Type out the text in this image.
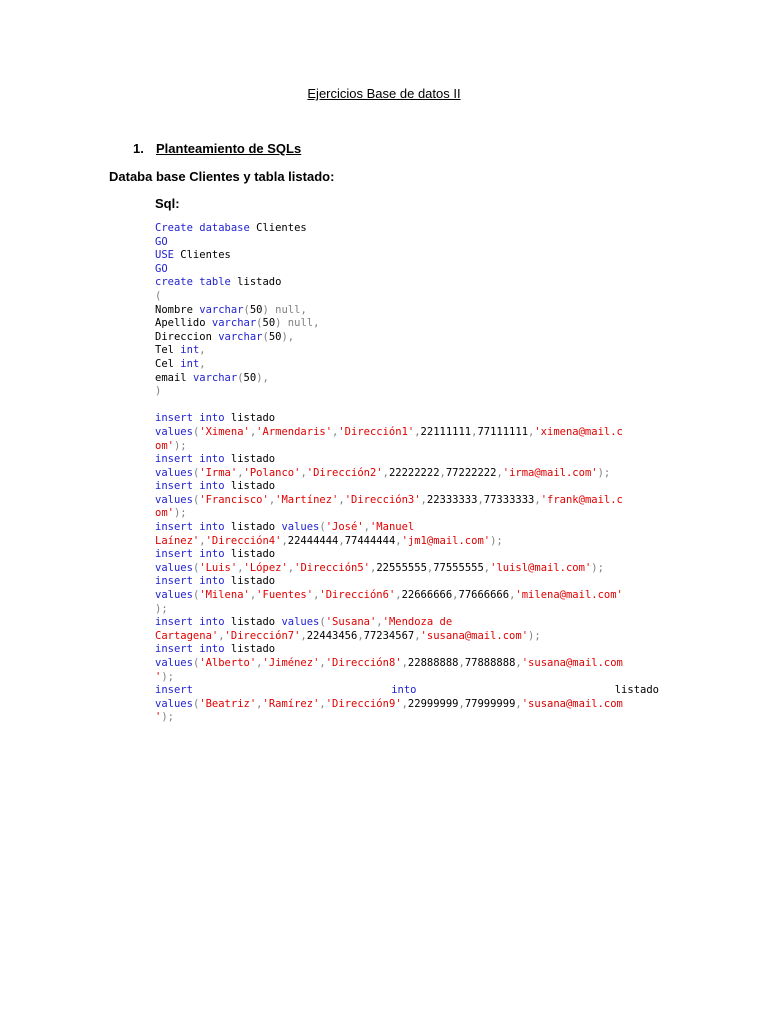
Ejercicios Base de datos II
1. Planteamiento de SQLs
Databa base Clientes y tabla listado:
Sql:
Create database Clientes
GO
USE Clientes
GO
create table listado
(
Nombre varchar(50) null,
Apellido varchar(50) null,
Direccion varchar(50),
Tel int,
Cel int,
email varchar(50),
)
insert into listado
values('Ximena','Armendaris','Dirección1',22111111,77111111,'ximena@mail.c
om');
insert into listado
values('Irma','Polanco','Dirección2',22222222,77222222,'irma@mail.com');
insert into listado
values('Francisco','Martínez','Dirección3',22333333,77333333,'frank@mail.c
om');
insert into listado values('José','Manuel
Laínez','Dirección4',22444444,77444444,'jm1@mail.com');
insert into listado
values('Luis','López','Dirección5',22555555,77555555,'luisl@mail.com');
insert into listado
values('Milena','Fuentes','Dirección6',22666666,77666666,'milena@mail.com'
);
insert into listado values('Susana','Mendoza de
Cartagena','Dirección7',22443456,77234567,'susana@mail.com');
insert into listado
values('Alberto','Jiménez','Dirección8',22888888,77888888,'susana@mail.com
');
insert	into	listado
values('Beatriz','Ramírez','Dirección9',22999999,77999999,'susana@mail.com
');
